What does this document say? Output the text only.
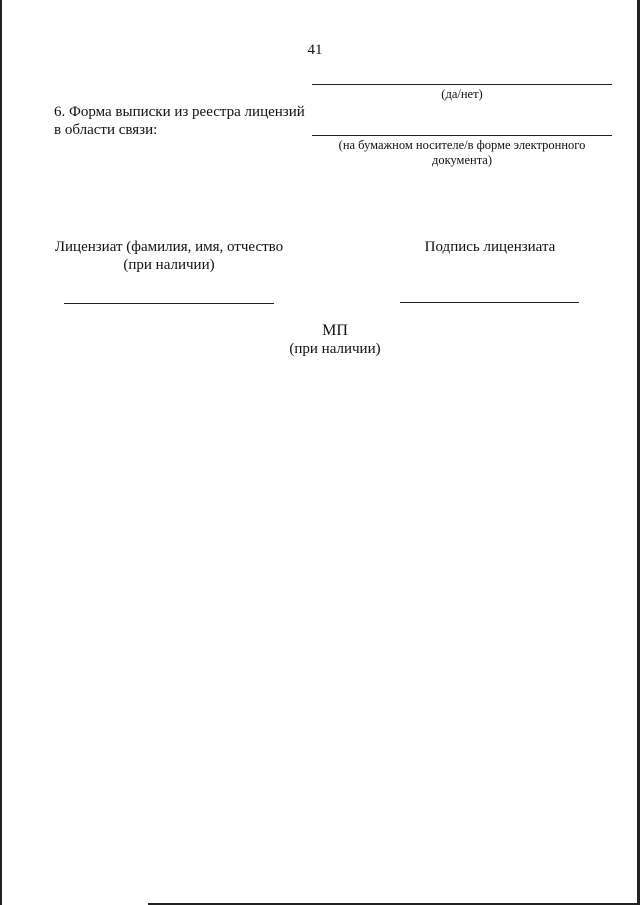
41
(да/нет)
6. Форма выписки из реестра лицензий
в области связи:
(на бумажном носителе/в форме электронного
документа)
Лицензиат (фамилия, имя, отчество
(при наличии)
Подпись лицензиата
МП
(при наличии)
